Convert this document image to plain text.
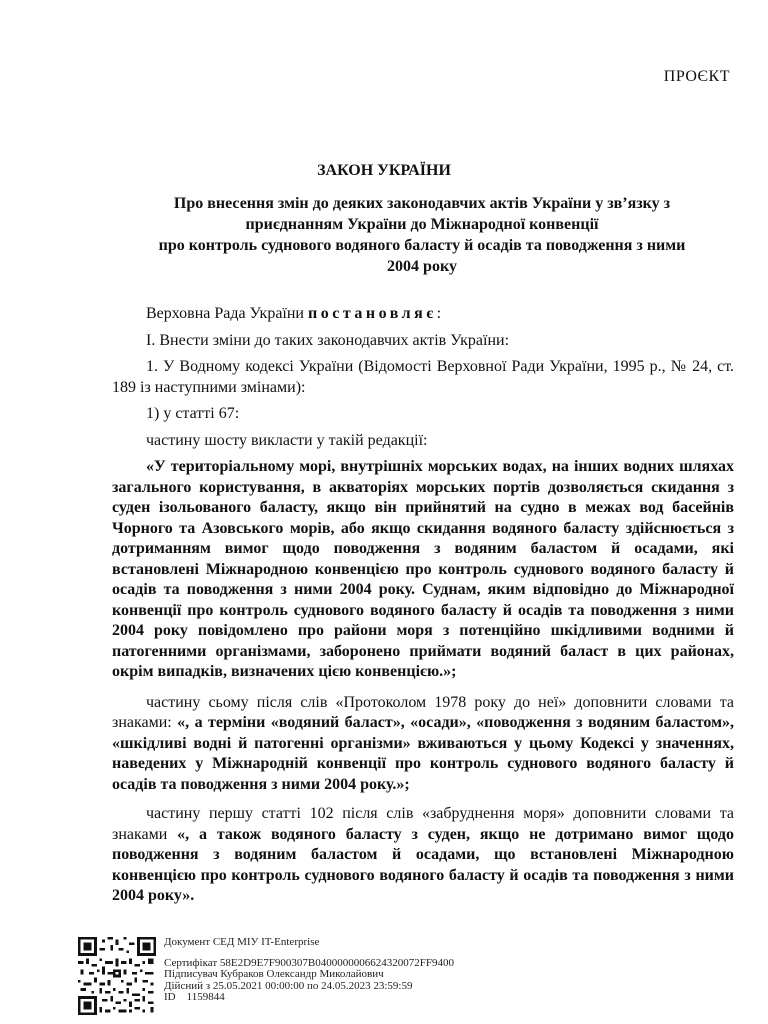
ПРОЄКТ
ЗАКОН УКРАЇНИ
Про внесення змін до деяких законодавчих актів України у зв’язку з
приєднанням України до Міжнародної конвенції
про контроль суднового водяного баласту й осадів та поводження з ними
2004 року

Верховна Рада України постановляє:

І. Внести зміни до таких законодавчих актів України:

1. У Водному кодексі України (Відомості Верховної Ради України, 1995 р., № 24, ст. 189 із наступними змінами):

1) у статті 67:

частину шосту викласти у такій редакції:

«У територіальному морі, внутрішніх морських водах, на інших водних шляхах загального користування, в акваторіях морських портів дозволяється скидання з суден ізольованого баласту, якщо він прийнятий на судно в межах вод басейнів Чорного та Азовського морів, або якщо скидання водяного баласту здійснюється з дотриманням вимог щодо поводження з водяним баластом й осадами, які встановлені Міжнародною конвенцією про контроль суднового водяного баласту й осадів та поводження з ними 2004 року. Суднам, яким відповідно до Міжнародної конвенції про контроль суднового водяного баласту й осадів та поводження з ними 2004 року повідомлено про райони моря з потенційно шкідливими водними й патогенними організмами, заборонено приймати водяний баласт в цих районах, окрім випадків, визначених цією конвенцією.»;

частину сьому після слів «Протоколом 1978 року до неї» доповнити словами та знаками: «, а терміни «водяний баласт», «осади», «поводження з водяним баластом», «шкідливі водні й патогенні організми» вживаються у цьому Кодексі у значеннях, наведених у Міжнародній конвенції про контроль суднового водяного баласту й осадів та поводження з ними 2004 року.»;

частину першу статті 102 після слів «забруднення моря» доповнити словами та знаками «, а також водяного баласту з суден, якщо не дотримано вимог щодо поводження з водяним баластом й осадами, що встановлені Міжнародною конвенцією про контроль суднового водяного баласту й осадів та поводження з ними 2004 року».

Документ СЕД МІУ IT-Enterprise
Сертифікат 58E2D9E7F900307B0400000006624320072FF9400
Підписувач Кубраков Олександр Миколайович
Дійсний з 25.05.2021 00:00:00 по 24.05.2023 23:59:59
ID 1159844
